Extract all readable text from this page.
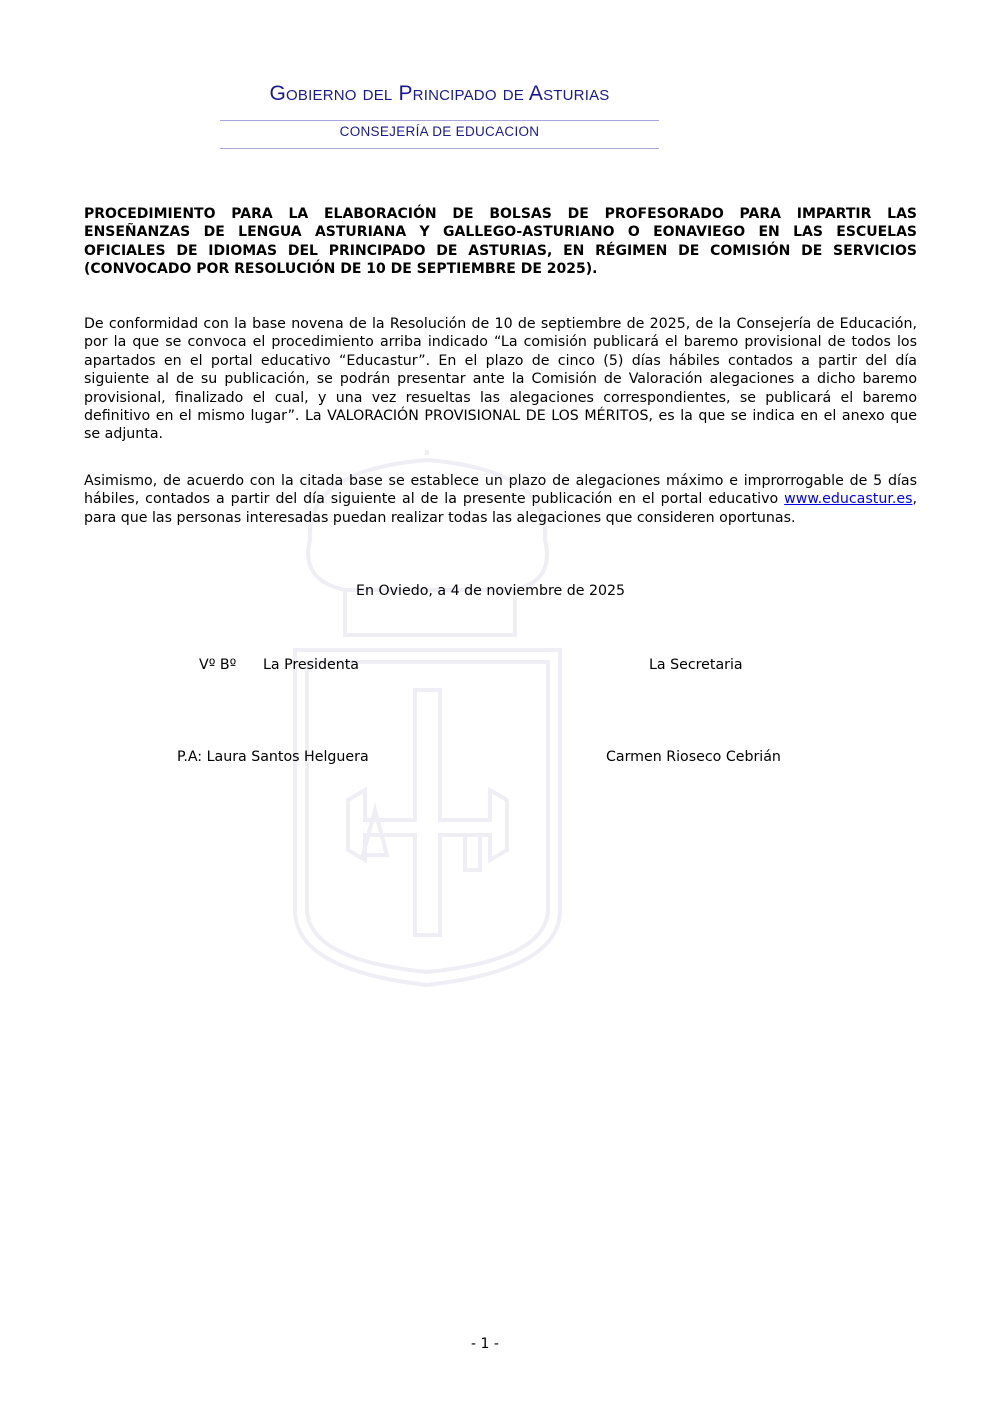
Gobierno del Principado de Asturias
CONSEJERÍA DE EDUCACION
PROCEDIMIENTO PARA LA ELABORACIÓN DE BOLSAS DE PROFESORADO PARA IMPARTIR LAS ENSEÑANZAS DE LENGUA ASTURIANA Y GALLEGO-ASTURIANO O EONAVIEGO EN LAS ESCUELAS OFICIALES DE IDIOMAS DEL PRINCIPADO DE ASTURIAS, EN RÉGIMEN DE COMISIÓN DE SERVICIOS (CONVOCADO POR RESOLUCIÓN DE 10 DE SEPTIEMBRE DE 2025).
De conformidad con la base novena de la Resolución de 10 de septiembre de 2025, de la Consejería de Educación, por la que se convoca el procedimiento arriba indicado “La comisión publicará el baremo provisional de todos los apartados en el portal educativo “Educastur”. En el plazo de cinco (5) días hábiles contados a partir del día siguiente al de su publicación, se podrán presentar ante la Comisión de Valoración alegaciones a dicho baremo provisional, finalizado el cual, y una vez resueltas las alegaciones correspondientes, se publicará el baremo definitivo en el mismo lugar”. La VALORACIÓN PROVISIONAL DE LOS MÉRITOS, es la que se indica en el anexo que se adjunta.
Asimismo, de acuerdo con la citada base se establece un plazo de alegaciones máximo e improrrogable de 5 días hábiles, contados a partir del día siguiente al de la presente publicación en el portal educativo www.educastur.es, para que las personas interesadas puedan realizar todas las alegaciones que consideren oportunas.
En Oviedo, a 4 de noviembre de 2025
Vº Bº La Presidenta	La Secretaria
P.A: Laura Santos Helguera	Carmen Rioseco Cebrián
- 1 -
